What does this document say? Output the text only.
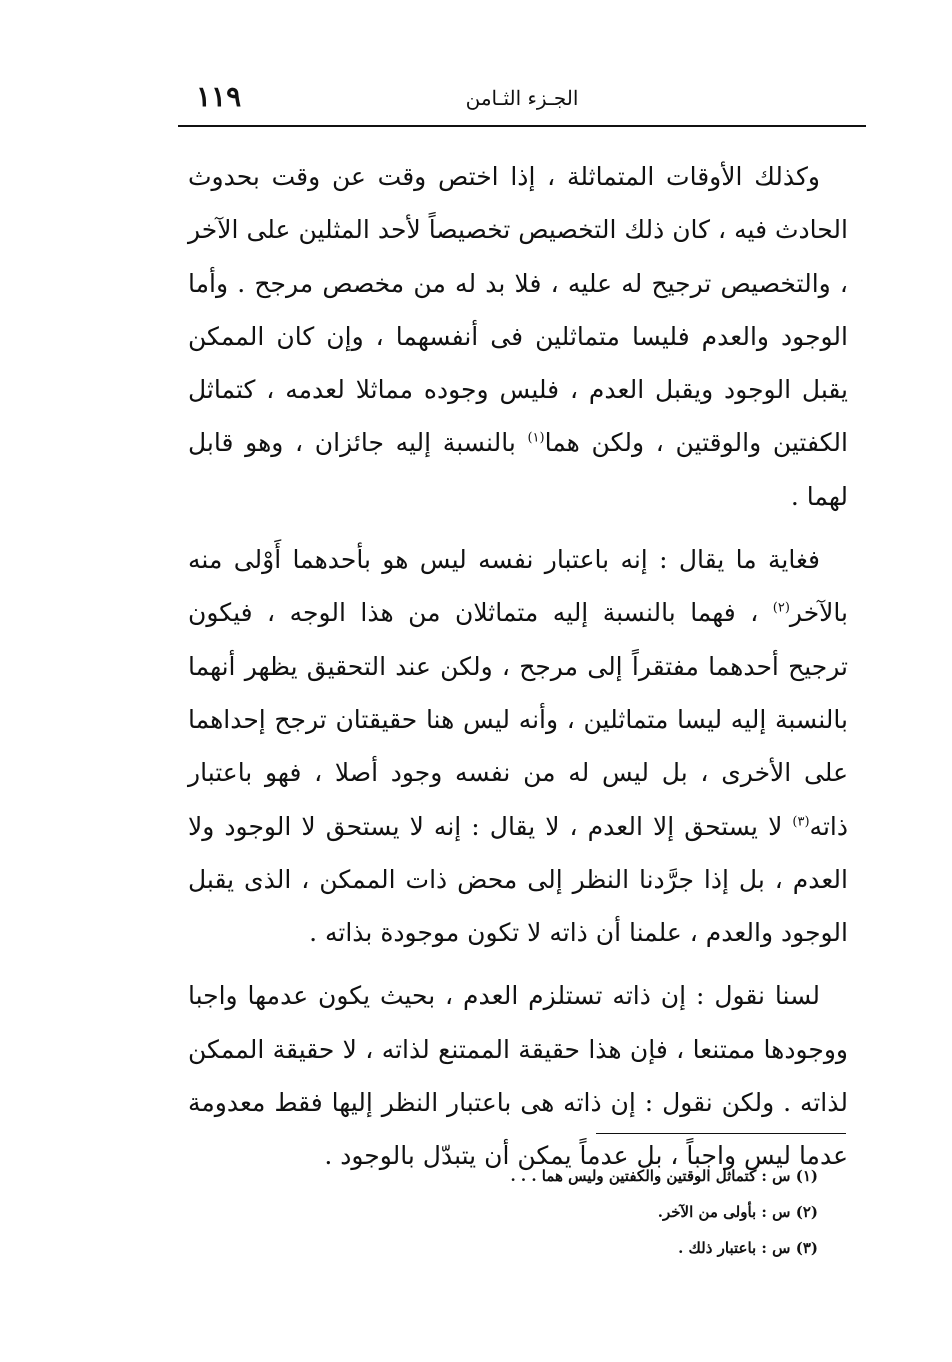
١١٩	الجـزء الثـامن

وكذلك الأوقات المتماثلة ، إذا اختص وقت عن وقت بحدوث الحادث فيه ، كان ذلك التخصيص تخصيصاً لأحد المثلين على الآخر ، والتخصيص ترجيح له عليه ، فلا بد له من مخصص مرجح . وأما الوجود والعدم فليسا متماثلين فى أنفسهما ، وإن كان الممكن يقبل الوجود ويقبل العدم ، فليس وجوده مماثلا لعدمه ، كتماثل الكفتين والوقتين ، ولكن هما$^{(١)}$ بالنسبة إليه جائزان ، وهو قابل لهما .

فغاية ما يقال : إنه باعتبار نفسه ليس هو بأحدهما أَوْلى منه بالآخر$^{(٢)}$ ، فهما بالنسبة إليه متماثلان من هذا الوجه ، فيكون ترجيح أحدهما مفتقراً إلى مرجح ، ولكن عند التحقيق يظهر أنهما بالنسبة إليه ليسا متماثلين ، وأنه ليس هنا حقيقتان ترجح إحداهما على الأخرى ، بل ليس له من نفسه وجود أصلا ، فهو باعتبار ذاته$^{(٣)}$ لا يستحق إلا العدم ، لا يقال : إنه لا يستحق لا الوجود ولا العدم ، بل إذا جرَّدنا النظر إلى محض ذات الممكن ، الذى يقبل الوجود والعدم ، علمنا أن ذاته لا تكون موجودة بذاته .

لسنا نقول : إن ذاته تستلزم العدم ، بحيث يكون عدمها واجبا ووجودها ممتنعا ، فإن هذا حقيقة الممتنع لذاته ، لا حقيقة الممكن لذاته . ولكن نقول : إن ذاته هى باعتبار النظر إليها فقط معدومة عدما ليس واجباً ، بل عدماً يمكن أن يتبدّل بالوجود .

(١) س : كتماثل الوقتين والكفتين وليس هما . . .
(٢) س : بأولى من الآخر.
(٣) س : باعتبار ذلك .
